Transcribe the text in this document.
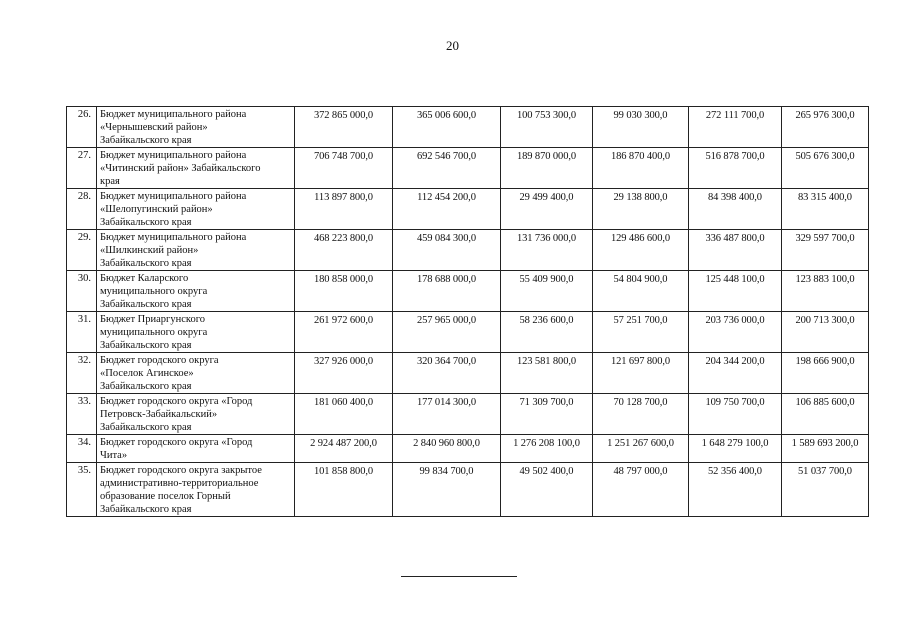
20
26.	Бюджет муниципального района
«Чернышевский район»
Забайкальского края	372 865 000,0	365 006 600,0	100 753 300,0	99 030 300,0	272 111 700,0	265 976 300,0
27.	Бюджет муниципального района
«Читинский район» Забайкальского
края	706 748 700,0	692 546 700,0	189 870 000,0	186 870 400,0	516 878 700,0	505 676 300,0
28.	Бюджет муниципального района
«Шелопугинский район»
Забайкальского края	113 897 800,0	112 454 200,0	29 499 400,0	29 138 800,0	84 398 400,0	83 315 400,0
29.	Бюджет муниципального района
«Шилкинский район»
Забайкальского края	468 223 800,0	459 084 300,0	131 736 000,0	129 486 600,0	336 487 800,0	329 597 700,0
30.	Бюджет Каларского
муниципального округа
Забайкальского края	180 858 000,0	178 688 000,0	55 409 900,0	54 804 900,0	125 448 100,0	123 883 100,0
31.	Бюджет Приаргунского
муниципального округа
Забайкальского края	261 972 600,0	257 965 000,0	58 236 600,0	57 251 700,0	203 736 000,0	200 713 300,0
32.	Бюджет городского округа
«Поселок Агинское»
Забайкальского края	327 926 000,0	320 364 700,0	123 581 800,0	121 697 800,0	204 344 200,0	198 666 900,0
33.	Бюджет городского округа «Город
Петровск-Забайкальский»
Забайкальского края	181 060 400,0	177 014 300,0	71 309 700,0	70 128 700,0	109 750 700,0	106 885 600,0
34.	Бюджет городского округа «Город
Чита»	2 924 487 200,0	2 840 960 800,0	1 276 208 100,0	1 251 267 600,0	1 648 279 100,0	1 589 693 200,0
35.	Бюджет городского округа закрытое
административно-территориальное
образование поселок Горный
Забайкальского края	101 858 800,0	99 834 700,0	49 502 400,0	48 797 000,0	52 356 400,0	51 037 700,0
